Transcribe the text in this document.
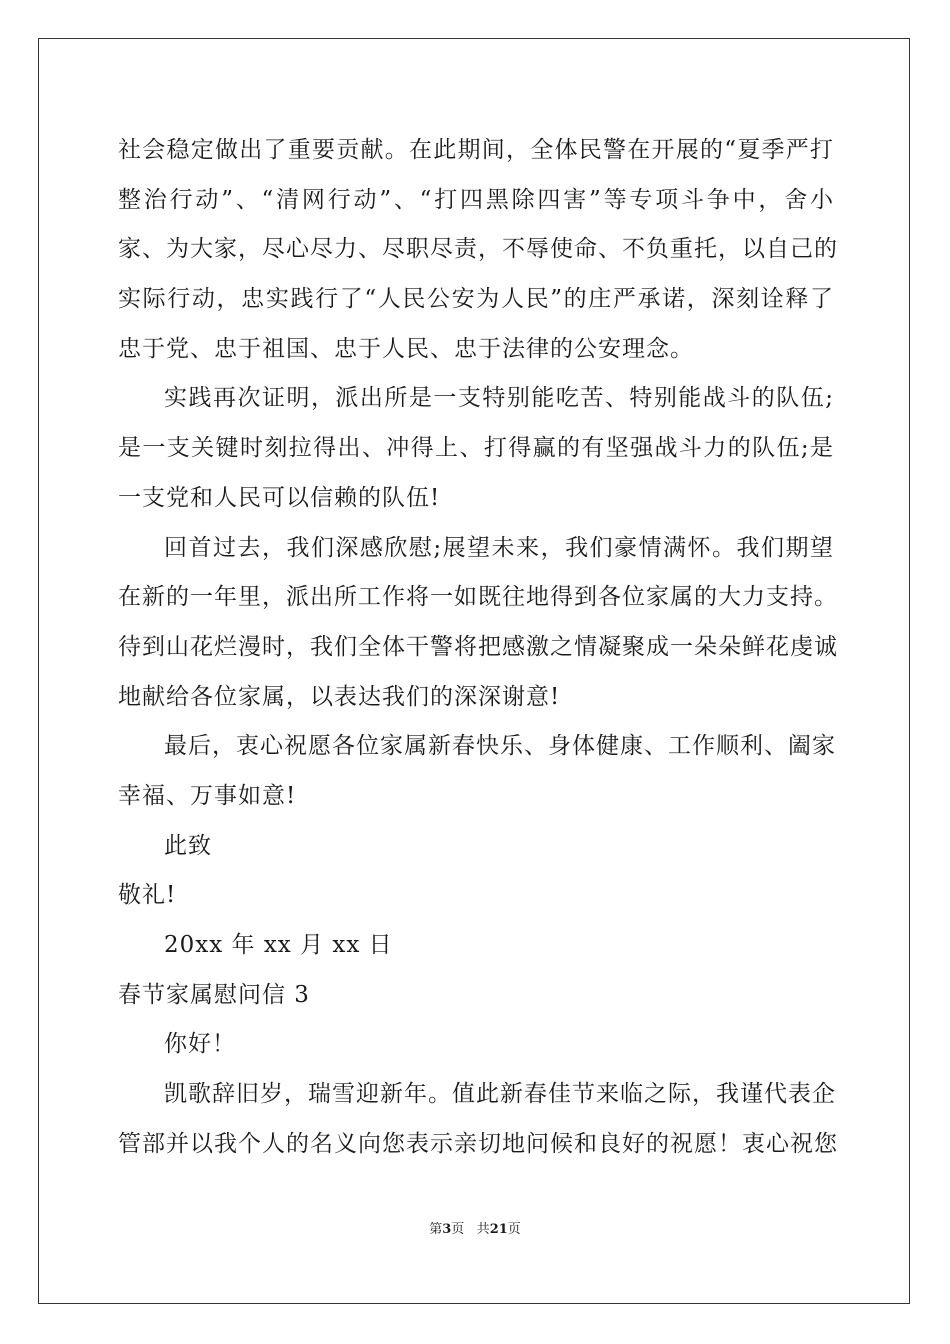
社会稳定做出了重要贡献。在此期间，全体民警在开展的“夏季严打
整治行动”、“清网行动”、“打四黑除四害”等专项斗争中，舍小
家、为大家，尽心尽力、尽职尽责，不辱使命、不负重托，以自己的
实际行动，忠实践行了“人民公安为人民”的庄严承诺，深刻诠释了
忠于党、忠于祖国、忠于人民、忠于法律的公安理念。
实践再次证明，派出所是一支特别能吃苦、特别能战斗的队伍;
是一支关键时刻拉得出、冲得上、打得赢的有坚强战斗力的队伍;是
一支党和人民可以信赖的队伍!
回首过去，我们深感欣慰;展望未来，我们豪情满怀。我们期望
在新的一年里，派出所工作将一如既往地得到各位家属的大力支持。
待到山花烂漫时，我们全体干警将把感激之情凝聚成一朵朵鲜花虔诚
地献给各位家属，以表达我们的深深谢意!
最后，衷心祝愿各位家属新春快乐、身体健康、工作顺利、阖家
幸福、万事如意!
此致
敬礼!
20xx 年 xx 月 xx 日
春节家属慰问信 3
你好！
凯歌辞旧岁，瑞雪迎新年。值此新春佳节来临之际，我谨代表企
管部并以我个人的名义向您表示亲切地问候和良好的祝愿！衷心祝您
第3页 共21页
